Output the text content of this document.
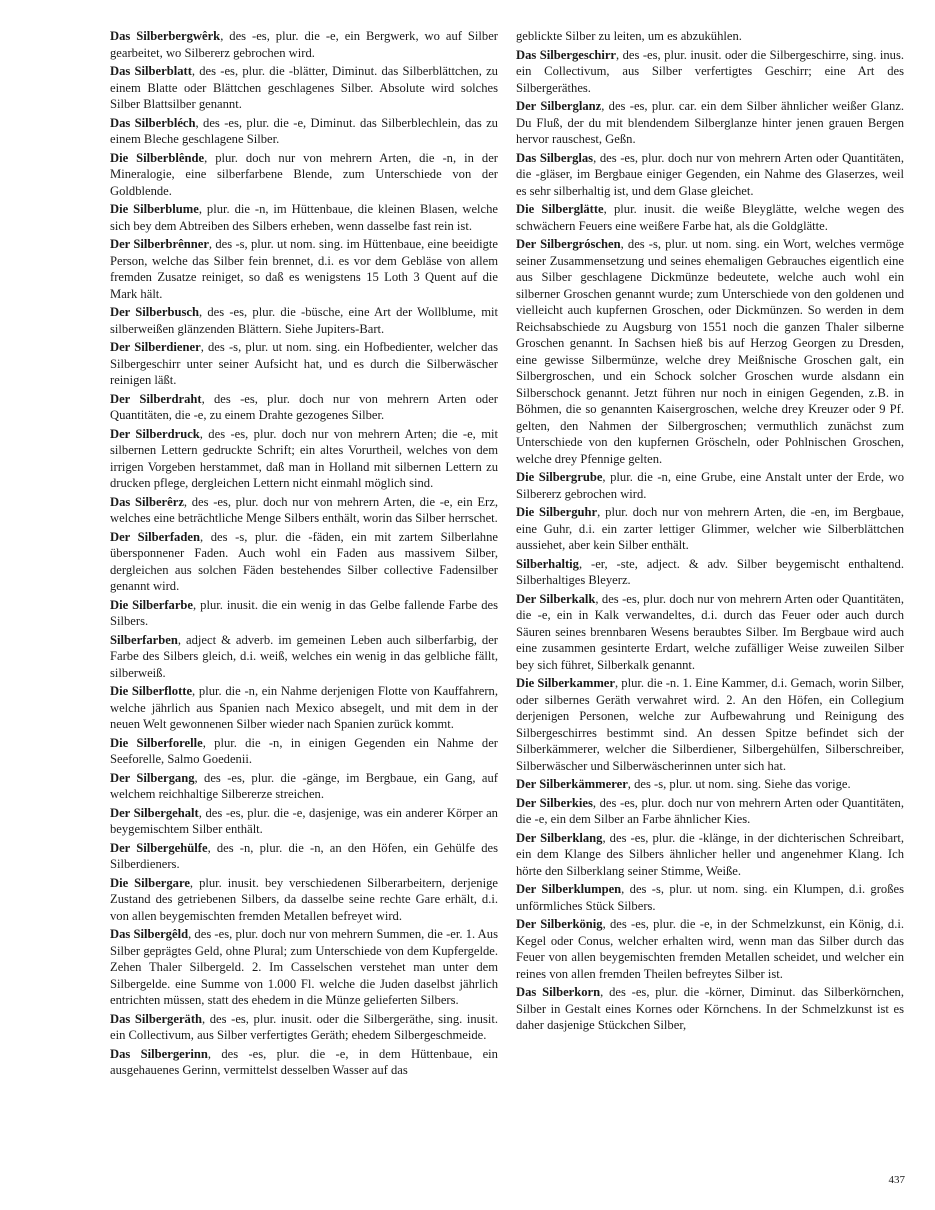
Das Silberbergwêrk, des -es, plur. die -e, ein Bergwerk, wo auf Silber gearbeitet, wo Silbererz gebrochen wird.

Das Silberblatt, des -es, plur. die -blätter, Diminut. das Silberblättchen, zu einem Blatte oder Blättchen geschlagenes Silber. Absolute wird solches Silber Blattsilber genannt.

Das Silberbléch, des -es, plur. die -e, Diminut. das Silberblechlein, das zu einem Bleche geschlagene Silber.

Die Silberblênde, plur. doch nur von mehrern Arten, die -n, in der Mineralogie, eine silberfarbene Blende, zum Unterschiede von der Goldblende.

Die Silberblume, plur. die -n, im Hüttenbaue, die kleinen Blasen, welche sich bey dem Abtreiben des Silbers erheben, wenn dasselbe fast rein ist.

Der Silberbrênner, des -s, plur. ut nom. sing. im Hüttenbaue, eine beeidigte Person, welche das Silber fein brennet, d.i. es vor dem Gebläse von allem fremden Zusatze reiniget, so daß es wenigstens 15 Loth 3 Quent auf die Mark hält.

Der Silberbusch, des -es, plur. die -büsche, eine Art der Wollblume, mit silberweißen glänzenden Blättern. Siehe Jupiters-Bart.

Der Silberdiener, des -s, plur. ut nom. sing. ein Hofbedienter, welcher das Silbergeschirr unter seiner Aufsicht hat, und es durch die Silberwäscher reinigen läßt.

Der Silberdraht, des -es, plur. doch nur von mehrern Arten oder Quantitäten, die -e, zu einem Drahte gezogenes Silber.

Der Silberdruck, des -es, plur. doch nur von mehrern Arten; die -e, mit silbernen Lettern gedruckte Schrift; ein altes Vorurtheil, welches von dem irrigen Vorgeben herstammet, daß man in Holland mit silbernen Lettern zu drucken pflege, dergleichen Lettern nicht einmahl möglich sind.

Das Silberêrz, des -es, plur. doch nur von mehrern Arten, die -e, ein Erz, welches eine beträchtliche Menge Silbers enthält, worin das Silber herrschet.

Der Silberfaden, des -s, plur. die -fäden, ein mit zartem Silberlahne übersponnener Faden. Auch wohl ein Faden aus massivem Silber, dergleichen aus solchen Fäden bestehendes Silber collective Fadensilber genannt wird.

Die Silberfarbe, plur. inusit. die ein wenig in das Gelbe fallende Farbe des Silbers.

Silberfarben, adject & adverb. im gemeinen Leben auch silberfarbig, der Farbe des Silbers gleich, d.i. weiß, welches ein wenig in das gelbliche fällt, silberweiß.

Die Silberflotte, plur. die -n, ein Nahme derjenigen Flotte von Kauffahrern, welche jährlich aus Spanien nach Mexico absegelt, und mit dem in der neuen Welt gewonnenen Silber wieder nach Spanien zurück kommt.

Die Silberforelle, plur. die -n, in einigen Gegenden ein Nahme der Seeforelle, Salmo Goedenii.

Der Silbergang, des -es, plur. die -gänge, im Bergbaue, ein Gang, auf welchem reichhaltige Silbererze streichen.

Der Silbergehalt, des -es, plur. die -e, dasjenige, was ein anderer Körper an beygemischtem Silber enthält.

Der Silbergehülfe, des -n, plur. die -n, an den Höfen, ein Gehülfe des Silberdieners.

Die Silbergare, plur. inusit. bey verschiedenen Silberarbeitern, derjenige Zustand des getriebenen Silbers, da dasselbe seine rechte Gare erhält, d.i. von allen beygemischten fremden Metallen befreyet wird.

Das Silbergêld, des -es, plur. doch nur von mehrern Summen, die -er. 1. Aus Silber geprägtes Geld, ohne Plural; zum Unterschiede von dem Kupfergelde. Zehen Thaler Silbergeld. 2. Im Casselschen verstehet man unter dem Silbergelde. eine Summe von 1.000 Fl. welche die Juden daselbst jährlich entrichten müssen, statt des ehedem in die Münze gelieferten Silbers.

Das Silbergeräth, des -es, plur. inusit. oder die Silbergeräthe, sing. inusit. ein Collectivum, aus Silber verfertigtes Geräth; ehedem Silbergeschmeide.

Das Silbergerinn, des -es, plur. die -e, in dem Hüttenbaue, ein ausgehauenes Gerinn, vermittelst desselben Wasser auf das

geblickte Silber zu leiten, um es abzukühlen.

Das Silbergeschirr, des -es, plur. inusit. oder die Silbergeschirre, sing. inus. ein Collectivum, aus Silber verfertigtes Geschirr; eine Art des Silbergeräthes.

Der Silberglanz, des -es, plur. car. ein dem Silber ähnlicher weißer Glanz. Du Fluß, der du mit blendendem Silberglanze hinter jenen grauen Bergen hervor rauschest, Geßn.

Das Silberglas, des -es, plur. doch nur von mehrern Arten oder Quantitäten, die -gläser, im Bergbaue einiger Gegenden, ein Nahme des Glaserzes, weil es sehr silberhaltig ist, und dem Glase gleichet.

Die Silberglätte, plur. inusit. die weiße Bleyglätte, welche wegen des schwächern Feuers eine weißere Farbe hat, als die Goldglätte.

Der Silbergróschen, des -s, plur. ut nom. sing. ein Wort, welches vermöge seiner Zusammensetzung und seines ehemaligen Gebrauches eigentlich eine aus Silber geschlagene Dickmünze bedeutete, welche auch wohl ein silberner Groschen genannt wurde; zum Unterschiede von den goldenen und vielleicht auch kupfernen Groschen, oder Dickmünzen. So werden in dem Reichsabschiede zu Augsburg von 1551 noch die ganzen Thaler silberne Groschen genannt. In Sachsen hieß bis auf Herzog Georgen zu Dresden, eine gewisse Silbermünze, welche drey Meißnische Groschen galt, ein Silbergroschen, und ein Schock solcher Groschen wurde alsdann ein Silberschock genannt. Jetzt führen nur noch in einigen Gegenden, z.B. in Böhmen, die so genannten Kaisergroschen, welche drey Kreuzer oder 9 Pf. gelten, den Nahmen der Silbergroschen; vermuthlich zunächst zum Unterschiede von den kupfernen Gröscheln, oder Pohlnischen Groschen, welche drey Pfennige gelten.

Die Silbergrube, plur. die -n, eine Grube, eine Anstalt unter der Erde, wo Silbererz gebrochen wird.

Die Silberguhr, plur. doch nur von mehrern Arten, die -en, im Bergbaue, eine Guhr, d.i. ein zarter lettiger Glimmer, welcher wie Silberblättchen aussiehet, aber kein Silber enthält.

Silberhaltig, -er, -ste, adject. & adv. Silber beygemischt enthaltend. Silberhaltiges Bleyerz.

Der Silberkalk, des -es, plur. doch nur von mehrern Arten oder Quantitäten, die -e, ein in Kalk verwandeltes, d.i. durch das Feuer oder auch durch Säuren seines brennbaren Wesens beraubtes Silber. Im Bergbaue wird auch eine zusammen gesinterte Erdart, welche zufälliger Weise zuweilen Silber bey sich führet, Silberkalk genannt.

Die Silberkammer, plur. die -n. 1. Eine Kammer, d.i. Gemach, worin Silber, oder silbernes Geräth verwahret wird. 2. An den Höfen, ein Collegium derjenigen Personen, welche zur Aufbewahrung und Reinigung des Silbergeschirres bestimmt sind. An dessen Spitze befindet sich der Silberkämmerer, welcher die Silberdiener, Silbergehülfen, Silberschreiber, Silberwäscher und Silberwäscherinnen unter sich hat.

Der Silberkämmerer, des -s, plur. ut nom. sing. Siehe das vorige.

Der Silberkies, des -es, plur. doch nur von mehrern Arten oder Quantitäten, die -e, ein dem Silber an Farbe ähnlicher Kies.

Der Silberklang, des -es, plur. die -klänge, in der dichterischen Schreibart, ein dem Klange des Silbers ähnlicher heller und angenehmer Klang. Ich hörte den Silberklang seiner Stimme, Weiße.

Der Silberklumpen, des -s, plur. ut nom. sing. ein Klumpen, d.i. großes unförmliches Stück Silbers.

Der Silberkönig, des -es, plur. die -e, in der Schmelzkunst, ein König, d.i. Kegel oder Conus, welcher erhalten wird, wenn man das Silber durch das Feuer von allen beygemischten fremden Metallen scheidet, und welcher ein reines von allen fremden Theilen befreytes Silber ist.

Das Silberkorn, des -es, plur. die -körner, Diminut. das Silberkörnchen, Silber in Gestalt eines Kornes oder Körnchens. In der Schmelzkunst ist es daher dasjenige Stückchen Silber,

437
